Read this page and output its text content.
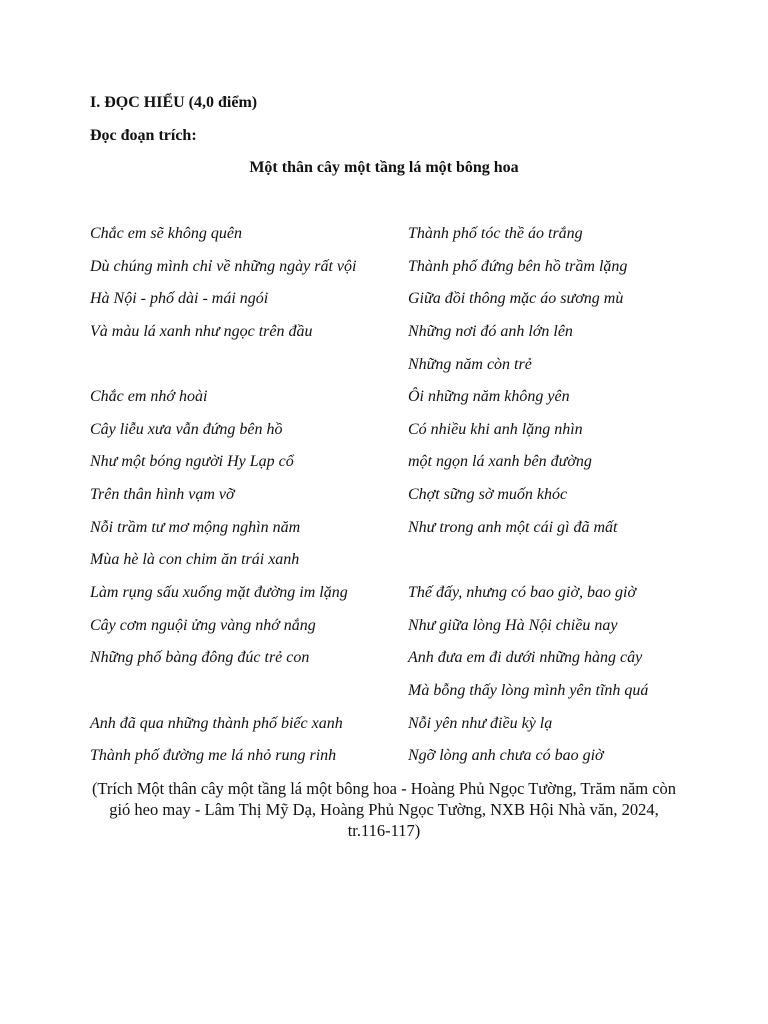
I. ĐỌC HIỂU (4,0 điểm)
Đọc đoạn trích:
Một thân cây một tầng lá một bông hoa
Chắc em sẽ không quên
Dù chúng mình chỉ về những ngày rất vội
Hà Nội - phố dài - mái ngói
Và màu lá xanh như ngọc trên đầu
Chắc em nhớ hoài
Cây liễu xưa vẫn đứng bên hồ
Như một bóng người Hy Lạp cổ
Trên thân hình vạm vỡ
Nỗi trầm tư mơ mộng nghìn năm
Mùa hè là con chim ăn trái xanh
Làm rụng sấu xuống mặt đường im lặng
Cây cơm nguội ửng vàng nhớ nắng
Những phố bàng đông đúc trẻ con
Anh đã qua những thành phố biếc xanh
Thành phố đường me lá nhỏ rung rinh
Thành phố tóc thề áo trắng
Thành phố đứng bên hồ trầm lặng
Giữa đồi thông mặc áo sương mù
Những nơi đó anh lớn lên
Những năm còn trẻ
Ôi những năm không yên
Có nhiều khi anh lặng nhìn
một ngọn lá xanh bên đường
Chợt sững sờ muốn khóc
Như trong anh một cái gì đã mất
Thế đấy, nhưng có bao giờ, bao giờ
Như giữa lòng Hà Nội chiều nay
Anh đưa em đi dưới những hàng cây
Mà bỗng thấy lòng mình yên tĩnh quá
Nỗi yên như điều kỳ lạ
Ngỡ lòng anh chưa có bao giờ
(Trích Một thân cây một tầng lá một bông hoa - Hoàng Phủ Ngọc Tường, Trăm năm còn gió heo may - Lâm Thị Mỹ Dạ, Hoàng Phủ Ngọc Tường, NXB Hội Nhà văn, 2024, tr.116-117)
